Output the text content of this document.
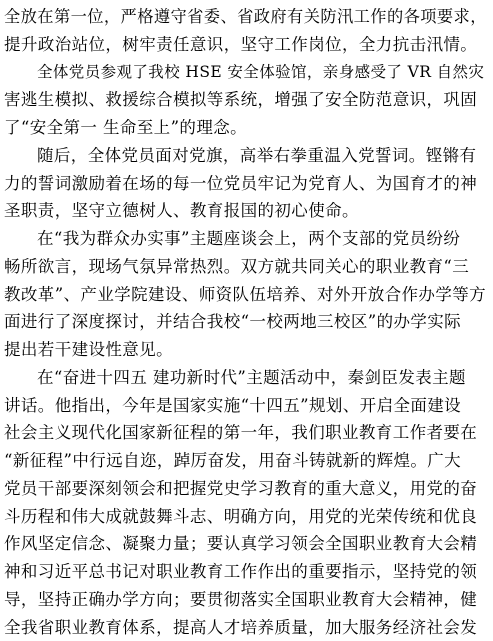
全放在第一位，严格遵守省委、省政府有关防汛工作的各项要求，
提升政治站位，树牢责任意识，坚守工作岗位，全力抗击汛情。
全体党员参观了我校 HSE 安全体验馆，亲身感受了 VR 自然灾
害逃生模拟、救援综合模拟等系统，增强了安全防范意识，巩固
了“安全第一 生命至上”的理念。
随后，全体党员面对党旗，高举右拳重温入党誓词。铿锵有
力的誓词激励着在场的每一位党员牢记为党育人、为国育才的神
圣职责，坚守立德树人、教育报国的初心使命。
在“我为群众办实事”主题座谈会上，两个支部的党员纷纷
畅所欲言，现场气氛异常热烈。双方就共同关心的职业教育“三
教改革”、产业学院建设、师资队伍培养、对外开放合作办学等方
面进行了深度探讨，并结合我校“一校两地三校区”的办学实际
提出若干建设性意见。
在“奋进十四五 建功新时代”主题活动中，秦剑臣发表主题
讲话。他指出，今年是国家实施“十四五”规划、开启全面建设
社会主义现代化国家新征程的第一年，我们职业教育工作者要在
“新征程”中行远自迩，踔厉奋发，用奋斗铸就新的辉煌。广大
党员干部要深刻领会和把握党史学习教育的重大意义，用党的奋
斗历程和伟大成就鼓舞斗志、明确方向，用党的光荣传统和优良
作风坚定信念、凝聚力量；要认真学习领会全国职业教育大会精
神和习近平总书记对职业教育工作作出的重要指示，坚持党的领
导，坚持正确办学方向；要贯彻落实全国职业教育大会精神，健
全我省职业教育体系，提高人才培养质量，加大服务经济社会发
